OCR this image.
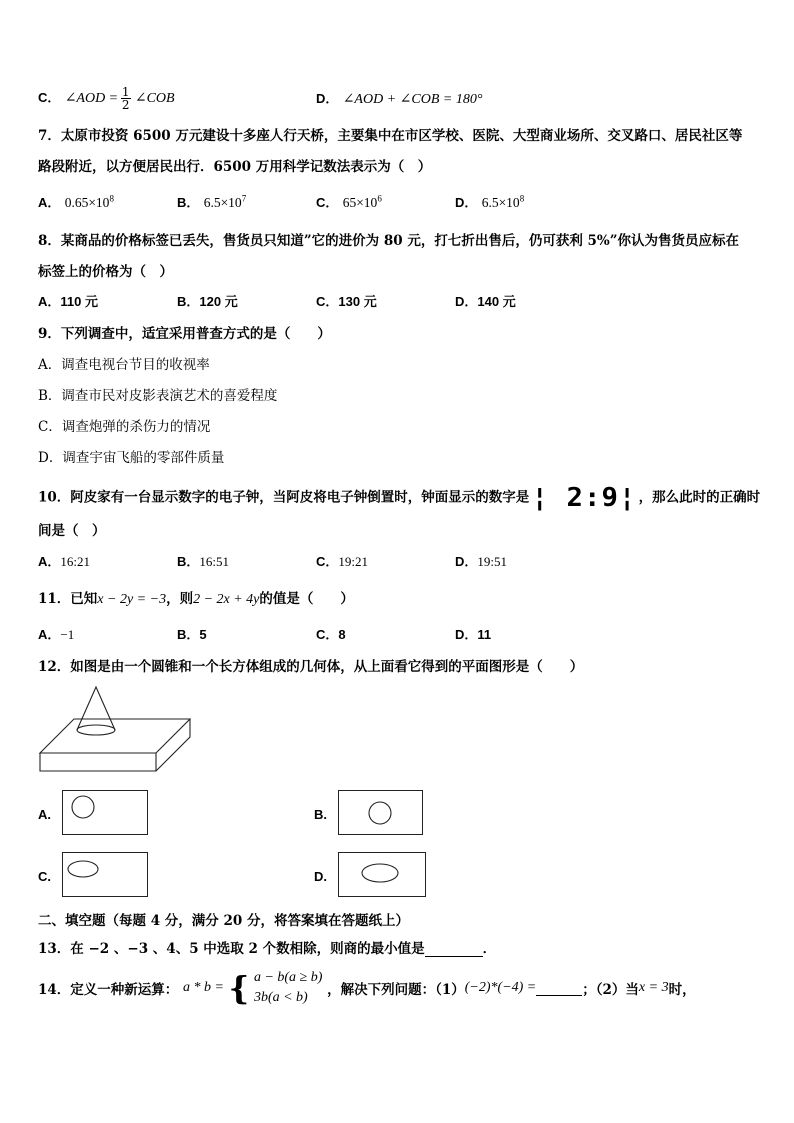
C． ∠AOD = $\frac{1}{2}$ ∠COB	D． ∠AOD + ∠COB = 180°
7．太原市投资 6500 万元建设十多座人行天桥，主要集中在市区学校、医院、大型商业场所、交叉路口、居民社区等
路段附近，以方便居民出行．6500 万用科学记数法表示为（　）
A． $0.65\times 10^8$	B． $6.5\times 10^7$	C． $65\times 10^6$	D． $6.5\times 10^8$
8．某商品的价格标签已丢失，售货员只知道”它的进价为 80 元，打七折出售后，仍可获利 5%”你认为售货员应标在
标签上的价格为（　）
A．110 元	B．120 元	C．130 元	D．140 元
9．下列调查中，适宜采用普查方式的是（　　）
A．调查电视台节目的收视率
B．调查市民对皮影表演艺术的喜爱程度
C．调查炮弹的杀伤力的情况
D．调查宇宙飞船的零部件质量
10．阿皮家有一台显示数字的电子钟，当阿皮将电子钟倒置时，钟面显示的数字是 ¦ 2:9¦ ，那么此时的正确时
间是（　）
A．16:21	B．16:51	C．19:21	D．19:51
11．已知x − 2y = −3，则2 − 2x + 4y的值是（　　）
A．−1	B．5	C．8	D．11
12．如图是由一个圆锥和一个长方体组成的几何体，从上面看它得到的平面图形是（　　）
A.	B.
C.	D.
二、填空题（每题 4 分，满分 20 分，将答案填在答题纸上）
13．在 −2 、−3 、4、5 中选取 2 个数相除，则商的最小值是	．
14．定义一种新运算： a * b = { a − b(a ≥ b)
3b(a < b)	，解决下列问题：（1）(−2)*(−4) =	；（2）当x = 3时，
